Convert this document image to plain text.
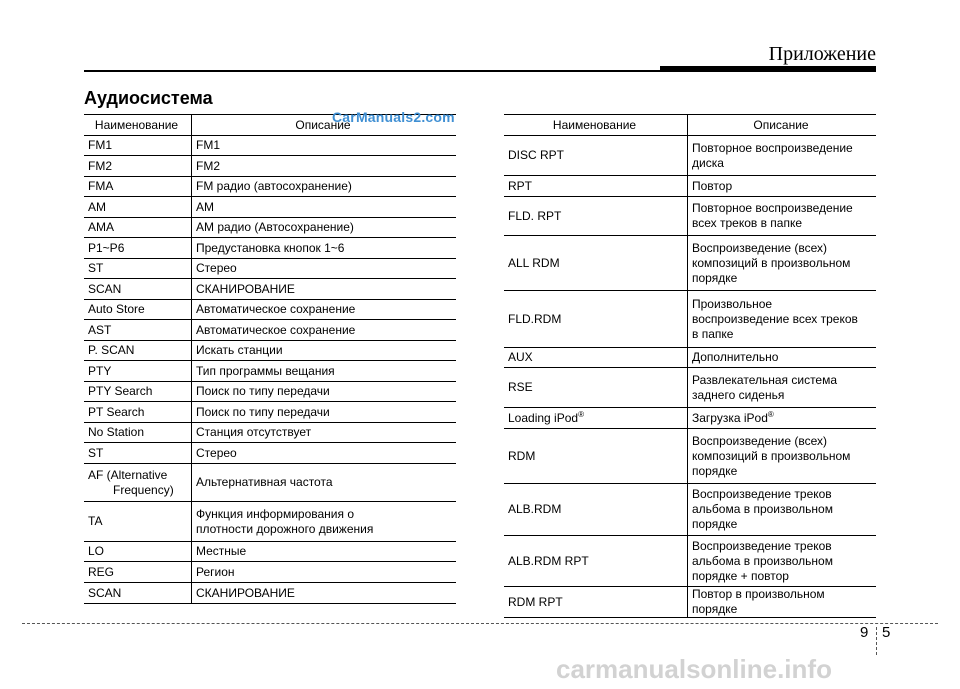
Приложение
Аудиосистема
Наименование	Описание
FM1	FM1
FM2	FM2
FMA	FM радио (автосохранение)
AM	AM
AMA	AM радио (Автосохранение)
P1~P6	Предустановка кнопок 1~6
ST	Стерео
SCAN	СКАНИРОВАНИЕ
Auto Store	Автоматическое сохранение
AST	Автоматическое сохранение
P. SCAN	Искать станции
PTY	Тип программы вещания
PTY Search	Поиск по типу передачи
PT Search	Поиск по типу передачи
No Station	Станция отсутствует
ST	Стерео

AF (Alternative
Frequency)	Альтернативная частота
TA	Функция информирования о
плотности дорожного движения

LO	Местные
REG	Регион
SCAN	СКАНИРОВАНИЕ
CarManuals2.com	Наименование	Описание
DISC RPT	Повторное воспроизведение
диска

RPT	Повтор
FLD. RPT	Повторное воспроизведение
всех треков в папке

ALL RDM	Воспроизведение (всех)
композиций в произвольном
порядке

FLD.RDM	Произвольное
воспроизведение всех треков
в папке

AUX	Дополнительно
RSE	Развлекательная система
заднего сиденья

Loading iPod®	Загрузка iPod®
RDM	Воспроизведение (всех)
композиций в произвольном
порядке

ALB.RDM	Воспроизведение треков
альбома в произвольном
порядке

ALB.RDM RPT	Воспроизведение треков
альбома в произвольном
порядке + повтор

RDM RPT	Повтор в произвольном порядке
9 5
carmanualsonline.info
